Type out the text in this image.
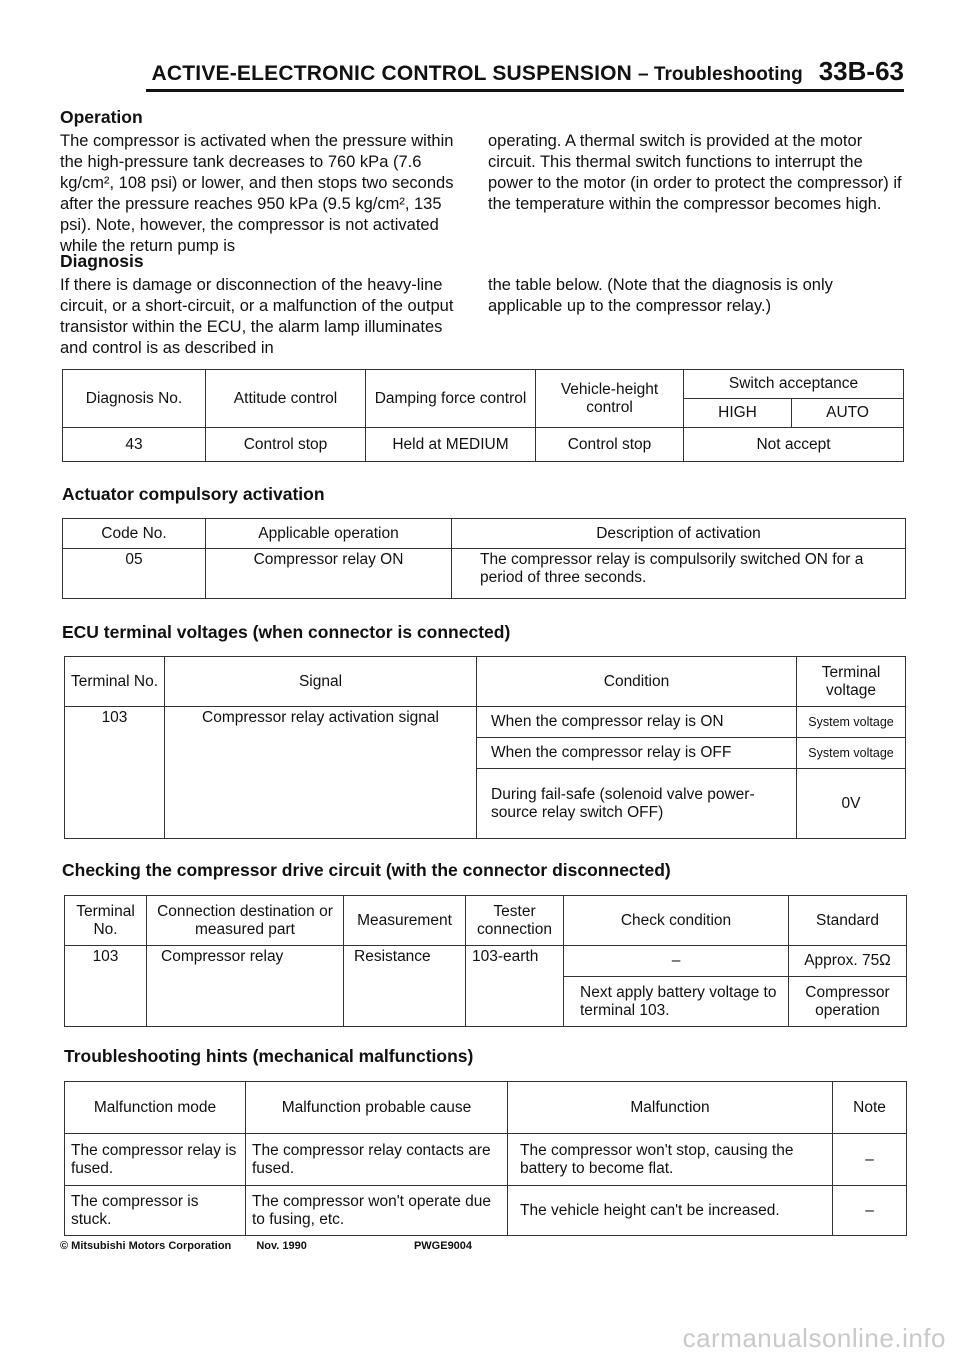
ACTIVE-ELECTRONIC CONTROL SUSPENSION – Troubleshooting 33B-63
Operation

The compressor is activated when the pressure within the high-pressure tank decreases to 760 kPa (7.6 kg/cm², 108 psi) or lower, and then stops two seconds after the pressure reaches 950 kPa (9.5 kg/cm², 135 psi). Note, however, the compressor is not activated while the return pump is

operating. A thermal switch is provided at the motor circuit. This thermal switch functions to interrupt the power to the motor (in order to protect the compressor) if the temperature within the compressor becomes high.

Diagnosis

If there is damage or disconnection of the heavy-line circuit, or a short-circuit, or a malfunction of the output transistor within the ECU, the alarm lamp illuminates and control is as described in

the table below. (Note that the diagnosis is only applicable up to the compressor relay.)

Diagnosis No.	Attitude control	Damping force control	Vehicle-height control	Switch acceptance	
				HIGH	AUTO
43	Control stop	Held at MEDIUM	Control stop	Not accept	
Actuator compulsory activation
Code No.	Applicable operation	Description of activation
05	Compressor relay ON	The compressor relay is compulsorily switched ON for a period of three seconds.
ECU terminal voltages (when connector is connected)
Terminal No.	Signal	Condition	Terminal voltage
103	Compressor relay activation signal	When the compressor relay is ON	System voltage
		When the compressor relay is OFF	System voltage
		During fail-safe (solenoid valve power-source relay switch OFF)	0V
Checking the compressor drive circuit (with the connector disconnected)
Terminal No.	Connection destination or measured part	Measurement	Tester connection	Check condition	Standard
103	Compressor relay	Resistance	103-earth	–	Approx. 75Ω
				Next apply battery voltage to terminal 103.	Compressor operation
Troubleshooting hints (mechanical malfunctions)
Malfunction mode	Malfunction probable cause	Malfunction	Note
The compressor relay is fused.	The compressor relay contacts are fused.	The compressor won't stop, causing the battery to become flat.	–
The compressor is stuck.	The compressor won't operate due to fusing, etc.	The vehicle height can't be increased.	–
© Mitsubishi Motors Corporation Nov. 1990	PWGE9004
carmanualsonline.info
